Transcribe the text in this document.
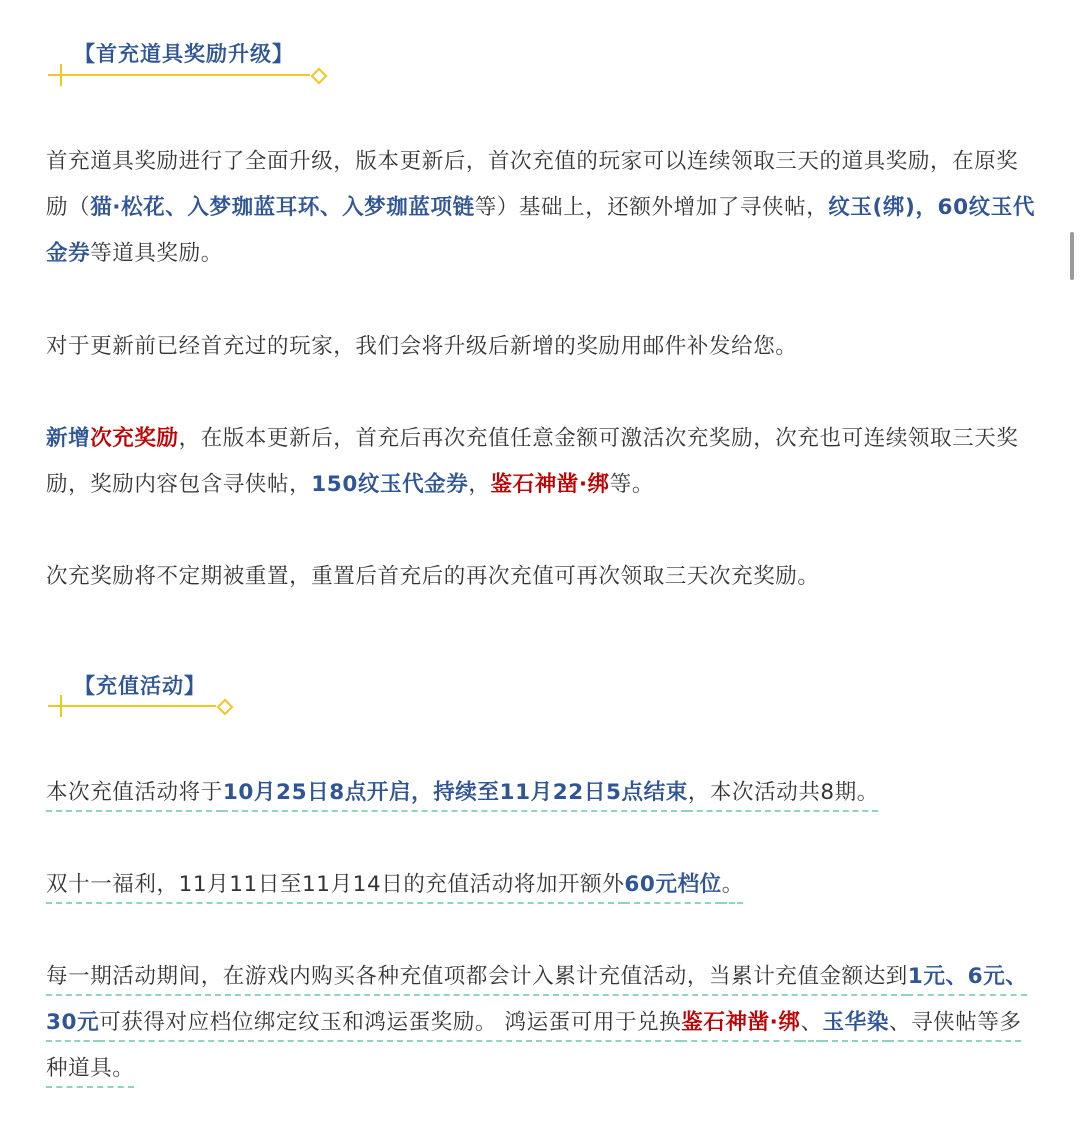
【首充道具奖励升级】

首充道具奖励进行了全面升级，版本更新后，首次充值的玩家可以连续领取三天的道具奖励，在原奖励（猫·松花、入梦珈蓝耳环、入梦珈蓝项链等）基础上，还额外增加了寻侠帖，纹玉(绑)，60纹玉代金券等道具奖励。

对于更新前已经首充过的玩家，我们会将升级后新增的奖励用邮件补发给您。

新增次充奖励，在版本更新后，首充后再次充值任意金额可激活次充奖励，次充也可连续领取三天奖励，奖励内容包含寻侠帖，150纹玉代金券，鉴石神凿·绑等。

次充奖励将不定期被重置，重置后首充后的再次充值可再次领取三天次充奖励。

【充值活动】

本次充值活动将于10月25日8点开启，持续至11月22日5点结束，本次活动共8期。

双十一福利，11月11日至11月14日的充值活动将加开额外60元档位。

每一期活动期间，在游戏内购买各种充值项都会计入累计充值活动，当累计充值金额达到1元、6元、30元可获得对应档位绑定纹玉和鸿运蛋奖励。 鸿运蛋可用于兑换鉴石神凿·绑、玉华染、寻侠帖等多种道具。
